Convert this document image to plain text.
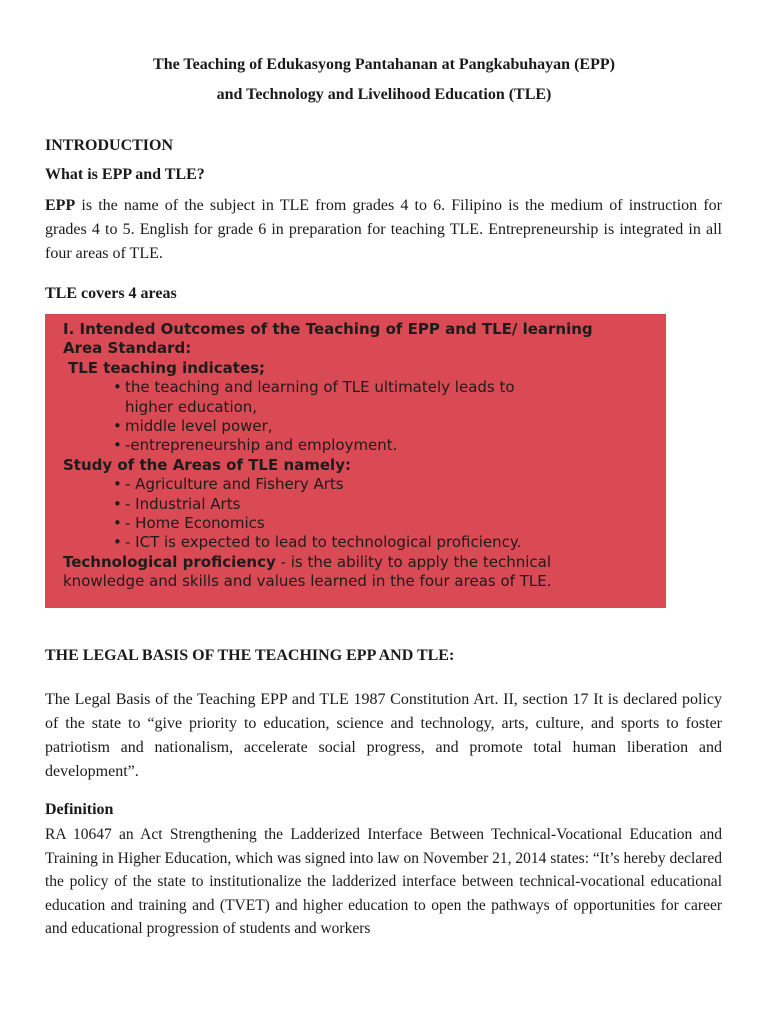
The Teaching of Edukasyong Pantahanan at Pangkabuhayan (EPP)
and Technology and Livelihood Education (TLE)
INTRODUCTION
What is EPP and TLE?
EPP is the name of the subject in TLE from grades 4 to 6. Filipino is the medium of instruction for grades 4 to 5. English for grade 6 in preparation for teaching TLE. Entrepreneurship is integrated in all four areas of TLE.
TLE covers 4 areas
I. Intended Outcomes of the Teaching of EPP and TLE/ learning
Area Standard:
TLE teaching indicates;
• the teaching and learning of TLE ultimately leads to
higher education,
• middle level power,
• -entrepreneurship and employment.
Study of the Areas of TLE namely:
• - Agriculture and Fishery Arts
• - Industrial Arts
• - Home Economics
• - ICT is expected to lead to technological proficiency.
Technological proficiency - is the ability to apply the technical
knowledge and skills and values learned in the four areas of TLE.
THE LEGAL BASIS OF THE TEACHING EPP AND TLE:
The Legal Basis of the Teaching EPP and TLE 1987 Constitution Art. II, section 17 It is declared policy of the state to “give priority to education, science and technology, arts, culture, and sports to foster patriotism and nationalism, accelerate social progress, and promote total human liberation and development”.
Definition
RA 10647 an Act Strengthening the Ladderized Interface Between Technical-Vocational Education and Training in Higher Education, which was signed into law on November 21, 2014 states: “It’s hereby declared the policy of the state to institutionalize the ladderized interface between technical-vocational educational education and training and (TVET) and higher education to open the pathways of opportunities for career and educational progression of students and workers
